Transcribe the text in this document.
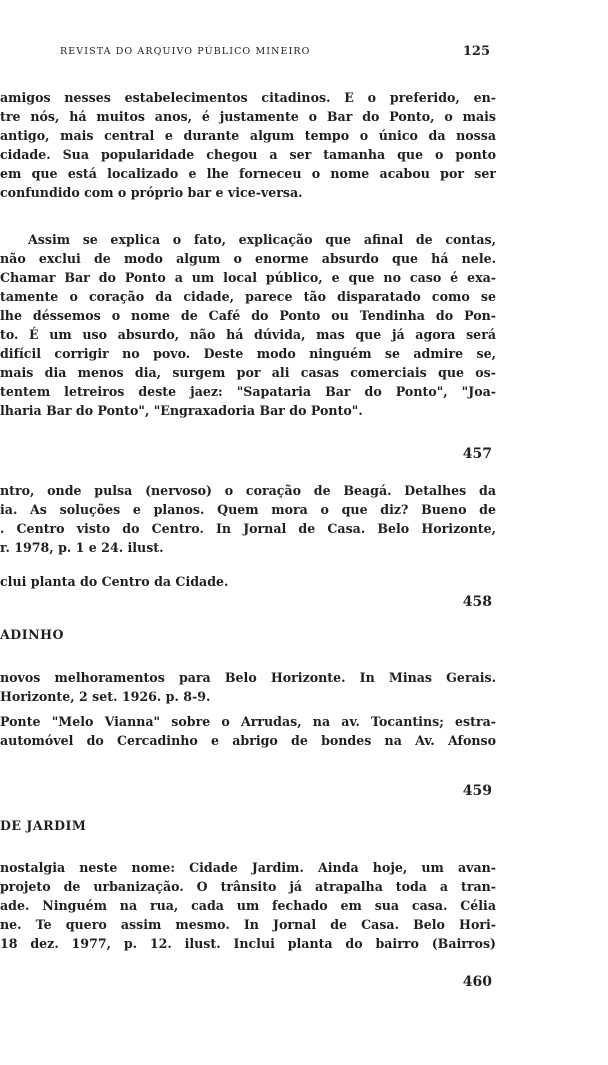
REVISTA DO ARQUIVO PÚBLICO MINEIRO	125
amigos nesses estabelecimentos citadinos. E o preferido, en-
tre nós, há muitos anos, é justamente o Bar do Ponto, o mais
antigo, mais central e durante algum tempo o único da nossa
cidade. Sua popularidade chegou a ser tamanha que o ponto
em que está localizado e lhe forneceu o nome acabou por ser
confundido com o próprio bar e vice-versa.
Assim se explica o fato, explicação que afinal de contas,
não exclui de modo algum o enorme absurdo que há nele.
Chamar Bar do Ponto a um local público, e que no caso é exa-
tamente o coração da cidade, parece tão disparatado como se
lhe déssemos o nome de Café do Ponto ou Tendinha do Pon-
to. É um uso absurdo, não há dúvida, mas que já agora será
difícil corrigir no povo. Deste modo ninguém se admire se,
mais dia menos dia, surgem por ali casas comerciais que os-
tentem letreiros deste jaez: "Sapataria Bar do Ponto", "Joa-
lharia Bar do Ponto", "Engraxadoria Bar do Ponto".
457
ntro, onde pulsa (nervoso) o coração de Beagá. Detalhes da
ia. As soluções e planos. Quem mora o que diz? Bueno de
. Centro visto do Centro. In Jornal de Casa. Belo Horizonte,
r. 1978, p. 1 e 24. ilust.
clui planta do Centro da Cidade.
458
ADINHO
novos melhoramentos para Belo Horizonte. In Minas Gerais.
Horizonte, 2 set. 1926. p. 8-9.
Ponte "Melo Vianna" sobre o Arrudas, na av. Tocantins; estra-
automóvel do Cercadinho e abrigo de bondes na Av. Afonso
459
DE JARDIM
nostalgia neste nome: Cidade Jardim. Ainda hoje, um avan-
projeto de urbanização. O trânsito já atrapalha toda a tran-
ade. Ninguém na rua, cada um fechado em sua casa. Célia
ne. Te quero assim mesmo. In Jornal de Casa. Belo Hori-
18 dez. 1977, p. 12. ilust. Inclui planta do bairro (Bairros)
460
